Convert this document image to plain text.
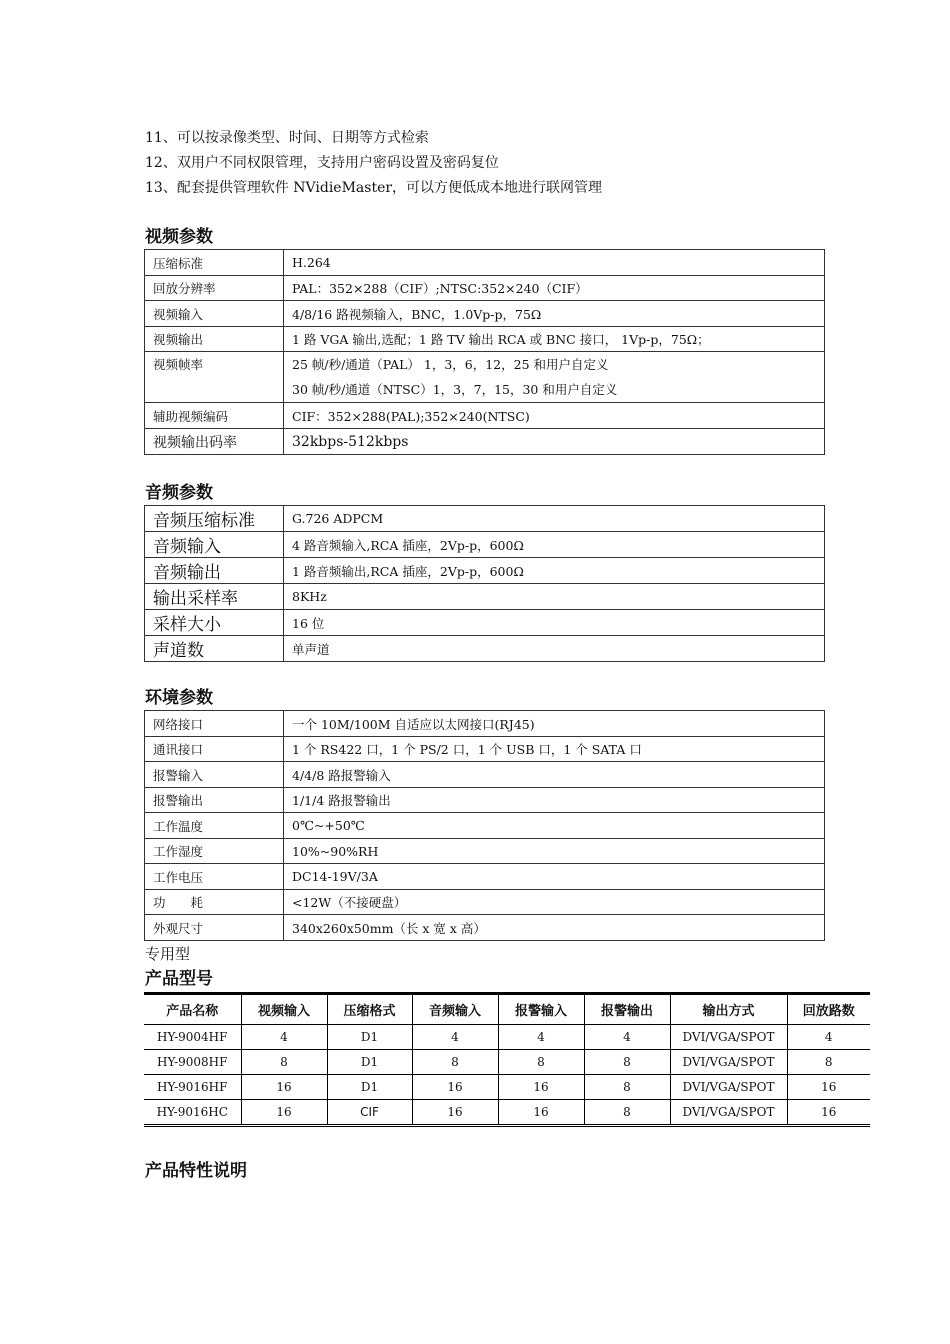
11、可以按录像类型、时间、日期等方式检索
12、双用户不同权限管理，支持用户密码设置及密码复位
13、配套提供管理软件 NVidieMaster，可以方便低成本地进行联网管理
视频参数
压缩标准	H.264
回放分辨率	PAL：352×288（CIF）;NTSC:352×240（CIF）
视频输入	4/8/16 路视频输入，BNC，1.0Vp-p，75Ω
视频输出	1 路 VGA 输出,选配；1 路 TV 输出 RCA 或 BNC 接口， 1Vp-p，75Ω；
视频帧率	25 帧/秒/通道（PAL） 1，3，6，12，25 和用户自定义
30 帧/秒/通道（NTSC）1，3，7，15，30 和用户自定义

辅助视频编码	CIF：352×288(PAL);352×240(NTSC)
视频输出码率	32kbps-512kbps
音频参数
音频压缩标准	G.726 ADPCM
音频输入	4 路音频输入,RCA 插座，2Vp-p，600Ω
音频输出	1 路音频输出,RCA 插座，2Vp-p，600Ω
输出采样率	8KHz
采样大小	16 位
声道数	单声道
环境参数
网络接口	一个 10M/100M 自适应以太网接口(RJ45)
通讯接口	1 个 RS422 口，1 个 PS/2 口，1 个 USB 口，1 个 SATA 口
报警输入	4/4/8 路报警输入
报警输出	1/1/4 路报警输出
工作温度	0℃~+50℃
工作湿度	10%~90%RH
工作电压	DC14-19V/3A
功　　耗	<12W（不接硬盘）
外观尺寸	340x260x50mm（长 x 宽 x 高）
专用型
产品型号
产品名称	视频输入	压缩格式	音频输入	报警输入	报警输出	输出方式	回放路数
HY-9004HF	4	D1	4	4	4	DVI/VGA/SPOT	4
HY-9008HF	8	D1	8	8	8	DVI/VGA/SPOT	8
HY-9016HF	16	D1	16	16	8	DVI/VGA/SPOT	16
HY-9016HC	16	CIF	16	16	8	DVI/VGA/SPOT	16
产品特性说明
